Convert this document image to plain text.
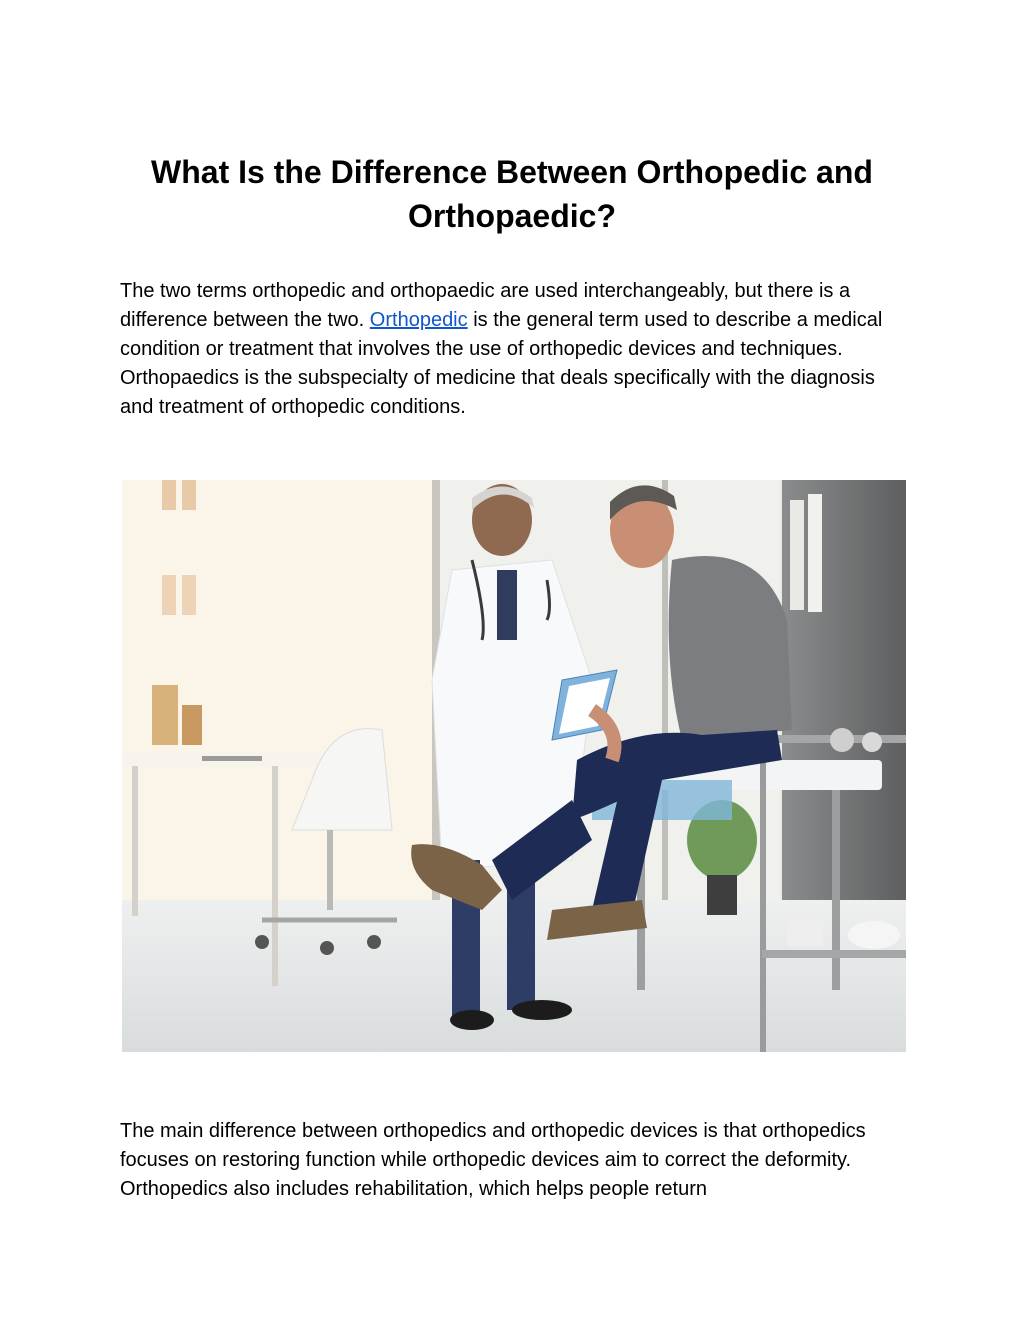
What Is the Difference Between Orthopedic and Orthopaedic?

The two terms orthopedic and orthopaedic are used interchangeably, but there is a difference between the two. Orthopedic is the general term used to describe a medical condition or treatment that involves the use of orthopedic devices and techniques. Orthopaedics is the subspecialty of medicine that deals specifically with the diagnosis and treatment of orthopedic conditions.

The main difference between orthopedics and orthopedic devices is that orthopedics focuses on restoring function while orthopedic devices aim to correct the deformity. Orthopedics also includes rehabilitation, which helps people return
